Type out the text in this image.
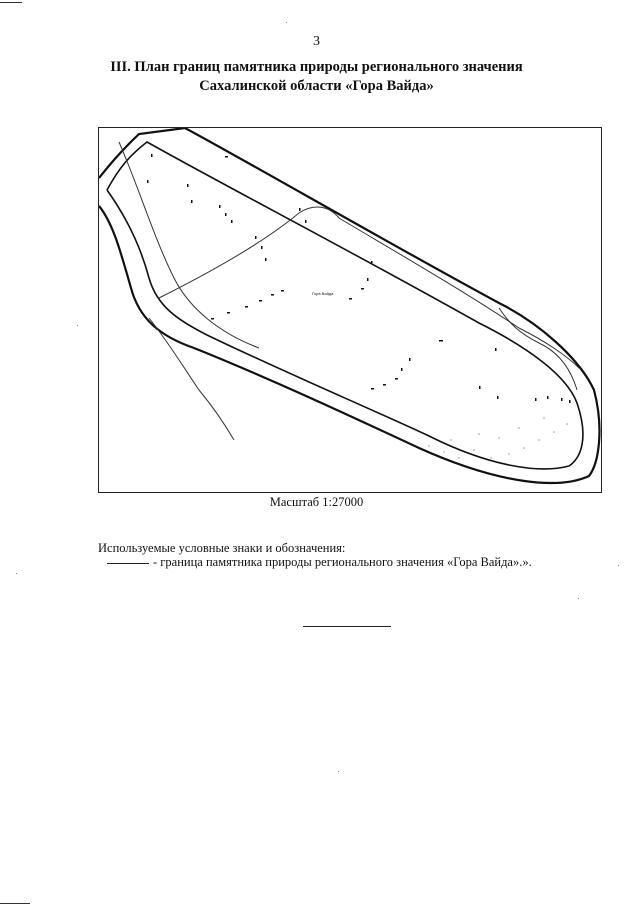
3
III. План границ памятника природы регионального значения
Сахалинской области «Гора Вайда»
Гора Вайда
Масштаб 1:27000
Используемые условные знаки и обозначения:
- граница памятника природы регионального значения «Гора Вайда».».
